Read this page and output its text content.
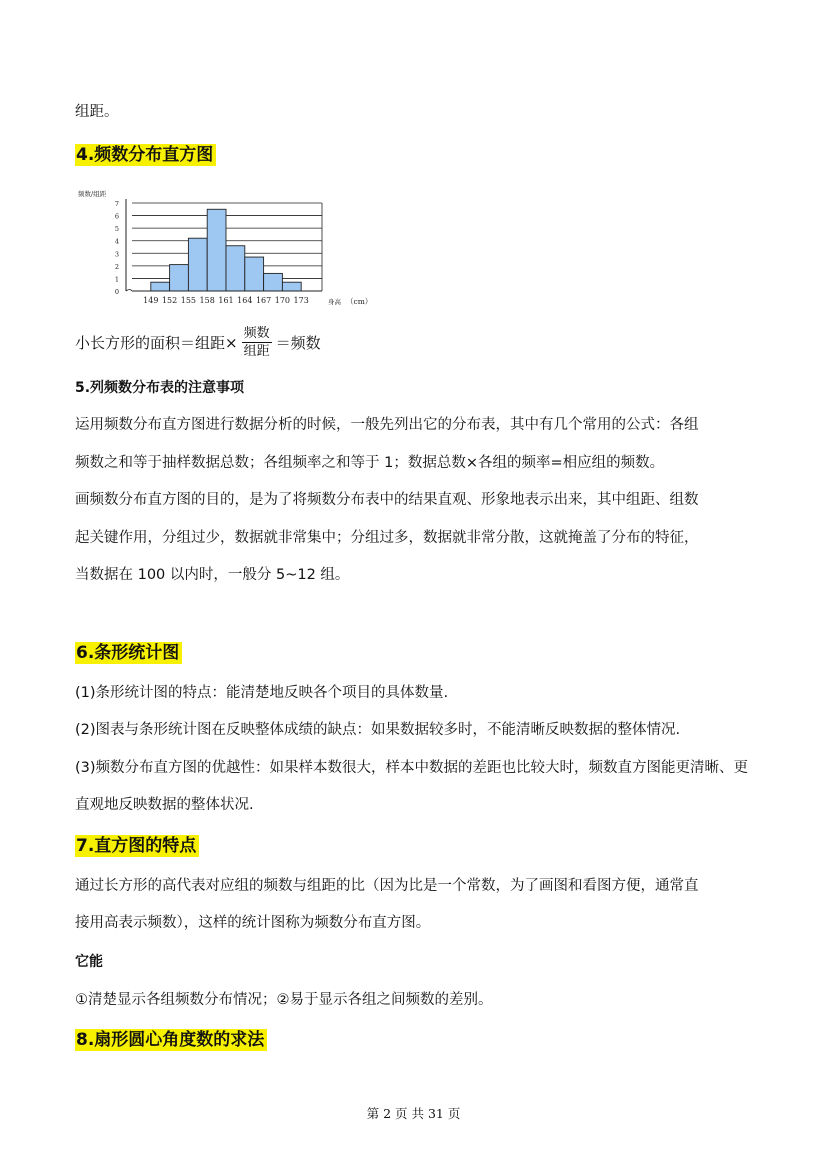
组距。
4.频数分布直方图
0
1
2
3
4
5
6
7
149 152 155 158 161 164 167 170 173
频数/组距
身高 （cm）
小长方形的面积＝组距× $\frac{\text{频数}}{\text{组距}}$ ＝频数
5.列频数分布表的注意事项
运用频数分布直方图进行数据分析的时候，一般先列出它的分布表，其中有几个常用的公式：各组
频数之和等于抽样数据总数；各组频率之和等于 1；数据总数×各组的频率=相应组的频数。
画频数分布直方图的目的，是为了将频数分布表中的结果直观、形象地表示出来，其中组距、组数
起关键作用，分组过少，数据就非常集中；分组过多，数据就非常分散，这就掩盖了分布的特征，
当数据在 100 以内时，一般分 5~12 组。
6.条形统计图
(1)条形统计图的特点：能清楚地反映各个项目的具体数量.
(2)图表与条形统计图在反映整体成绩的缺点：如果数据较多时，不能清晰反映数据的整体情况.
(3)频数分布直方图的优越性：如果样本数很大，样本中数据的差距也比较大时，频数直方图能更清晰、更
直观地反映数据的整体状况.
7.直方图的特点
通过长方形的高代表对应组的频数与组距的比（因为比是一个常数，为了画图和看图方便，通常直
接用高表示频数），这样的统计图称为频数分布直方图。
它能
①清楚显示各组频数分布情况；②易于显示各组之间频数的差别。
8.扇形圆心角度数的求法
第 2 页 共 31 页
